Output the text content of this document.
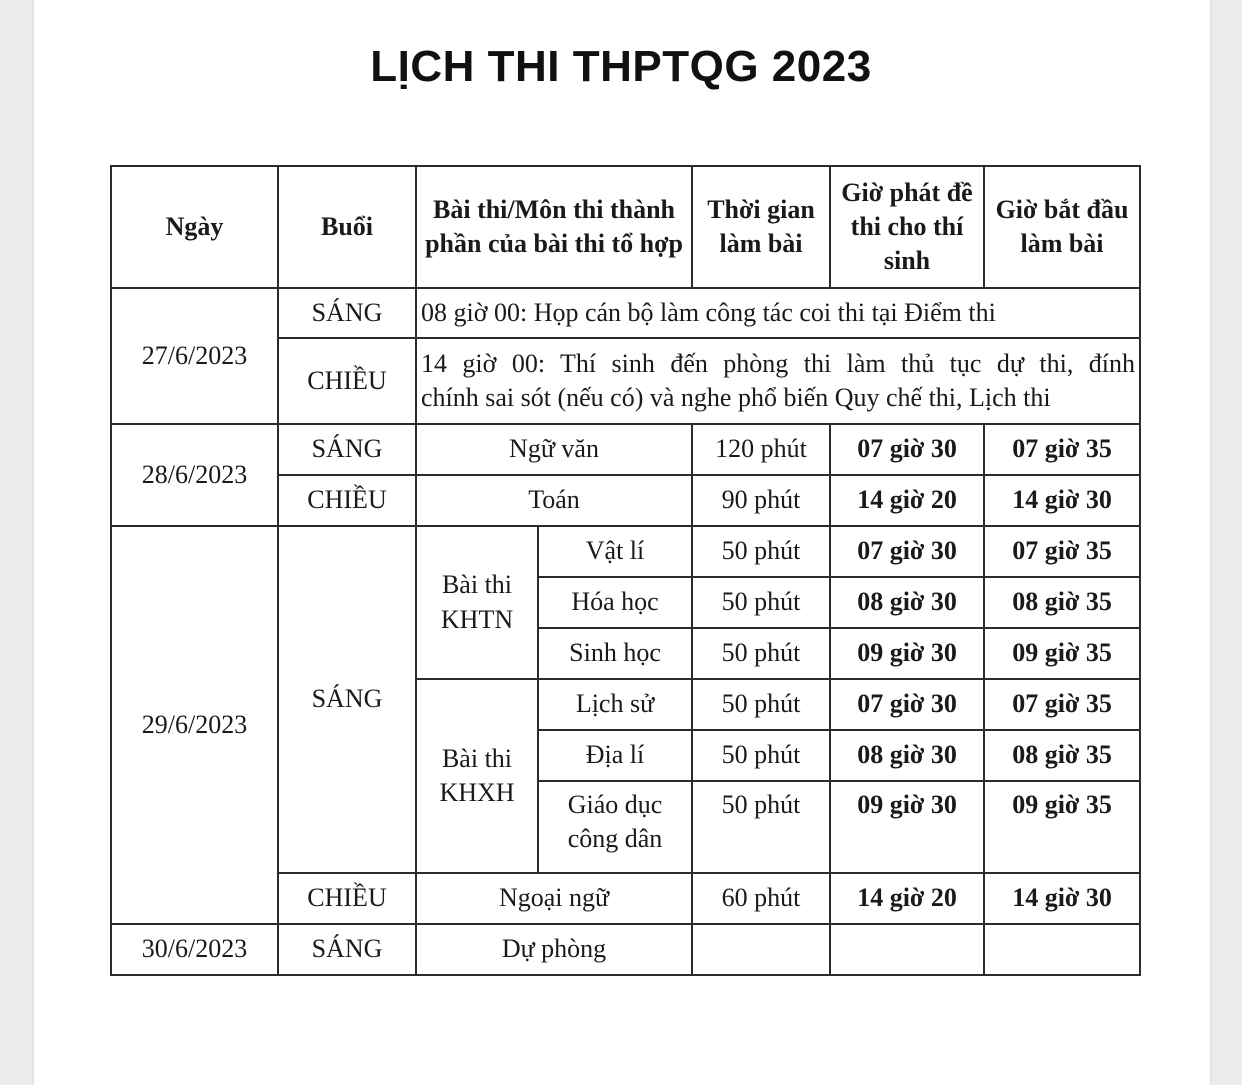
LỊCH THI THPTQG 2023
Ngày	Buổi	Bài thi/Môn thi thành phần của bài thi tổ hợp		Thời gian làm bài	Giờ phát đề thi cho thí sinh	Giờ bắt đầu làm bài
27/6/2023	SÁNG	08 giờ 00: Họp cán bộ làm công tác coi thi tại Điểm thi				
	CHIỀU	14 giờ 00: Thí sinh đến phòng thi làm thủ tục dự thi, đính
chính sai sót (nếu có) và nghe phổ biến Quy chế thi, Lịch thi				

28/6/2023	SÁNG	Ngữ văn		120 phút	07 giờ 30	07 giờ 35
	CHIỀU	Toán		90 phút	14 giờ 20	14 giờ 30
29/6/2023	SÁNG	Bài thi KHTN	Vật lí	50 phút	07 giờ 30	07 giờ 35
			Hóa học	50 phút	08 giờ 30	08 giờ 35
			Sinh học	50 phút	09 giờ 30	09 giờ 35
		Bài thi KHXH	Lịch sử	50 phút	07 giờ 30	07 giờ 35
			Địa lí	50 phút	08 giờ 30	08 giờ 35
			Giáo dục công dân	50 phút	09 giờ 30	09 giờ 35
	CHIỀU	Ngoại ngữ		60 phút	14 giờ 20	14 giờ 30
30/6/2023	SÁNG	Dự phòng				
